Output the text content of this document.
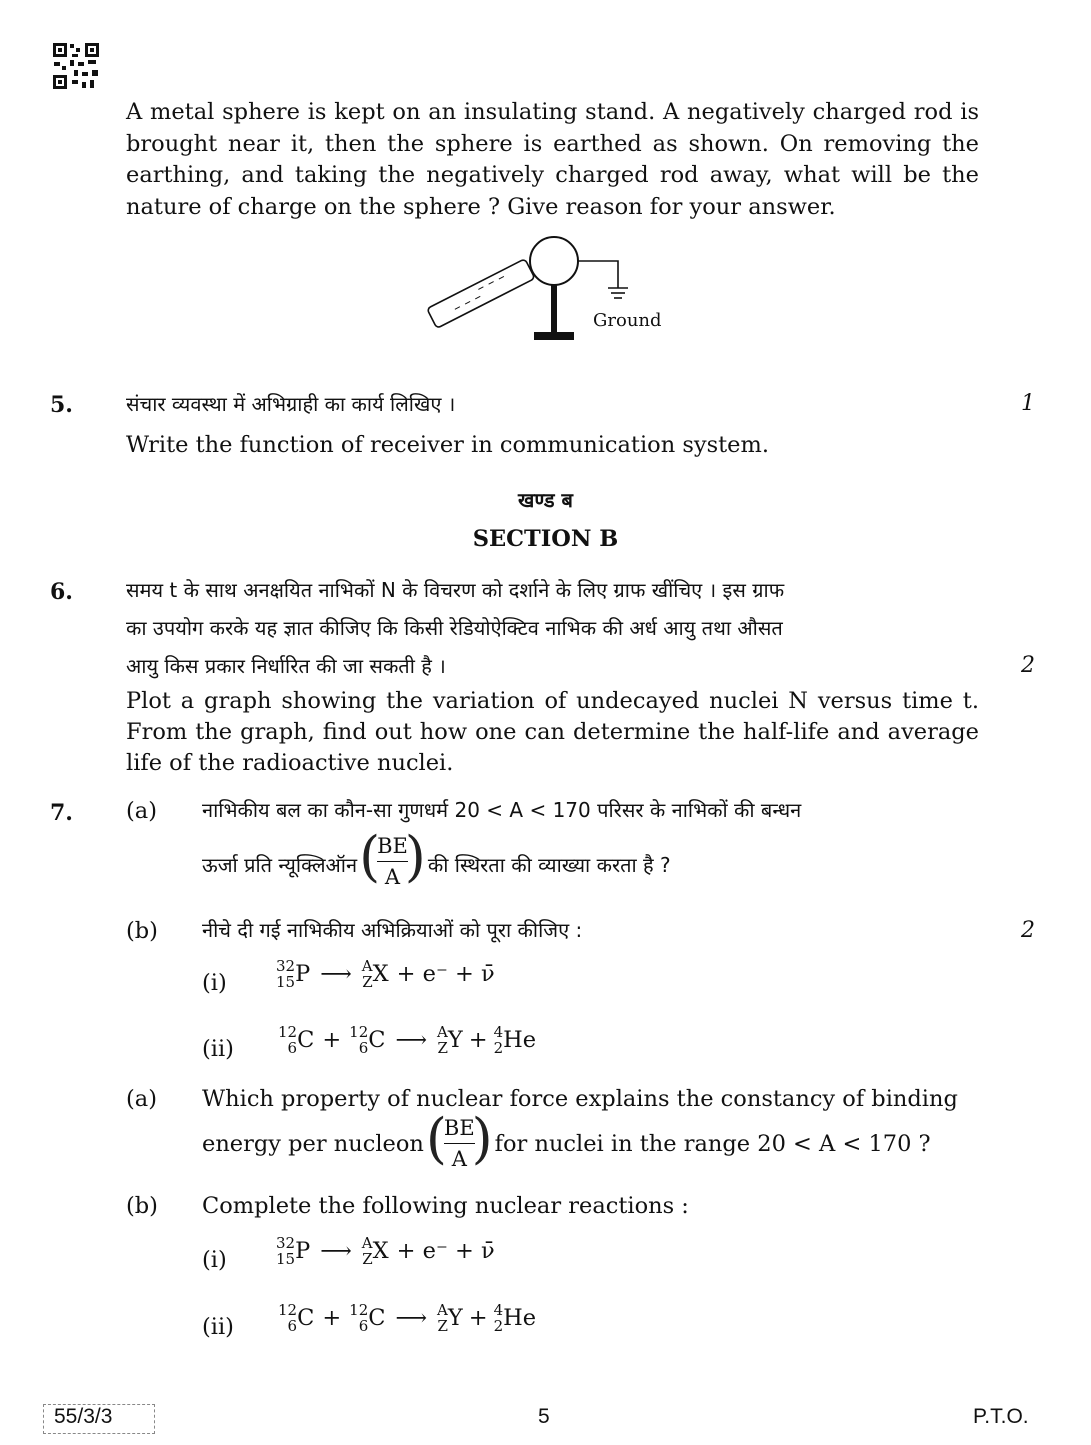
A metal sphere is kept on an insulating stand. A negatively charged rod is brought near it, then the sphere is earthed as shown. On removing the earthing, and taking the negatively charged rod away, what will be the nature of charge on the sphere ? Give reason for your answer.
– – –
– – –
Ground
5.	संचार व्यवस्था में अभिग्राही का कार्य लिखिए ।	1
Write the function of receiver in communication system.
खण्ड ब
SECTION B
6.	समय t के साथ अनक्षयित नाभिकों N के विचरण को दर्शाने के लिए ग्राफ खींचिए । इस ग्राफ
का उपयोग करके यह ज्ञात कीजिए कि किसी रेडियोऐक्टिव नाभिक की अर्ध आयु तथा औसत
आयु किस प्रकार निर्धारित की जा सकती है ।	2
Plot a graph showing the variation of undecayed nuclei N versus time t. From the graph, find out how one can determine the half-life and average life of the radioactive nuclei.
7. (a) नाभिकीय बल का कौन-सा गुणधर्म 20 < A < 170 परिसर के नाभिकों की बन्धन
ऊर्जा प्रति न्यूक्लिऑन (
$\frac{BE}{A}$
) की स्थिरता की व्याख्या करता है ?
(b) नीचे दी गई नाभिकीय अभिक्रियाओं को पूरा कीजिए :	2
(i)
32
15 P ⟶ A
Z X + e⁻ + ν̄
(ii)
12
6 C + 12
6 C ⟶ A
Z Y + 4
2 He
(a) Which property of nuclear force explains the constancy of binding
energy per nucleon (
$\frac{BE}{A}$
) for nuclei in the range 20 < A < 170 ?
(b) Complete the following nuclear reactions :
(i)
32
15 P ⟶ A
Z X + e⁻ + ν̄
(ii)
12
6 C + 12
6 C ⟶ A
Z Y + 4
2 He
55/3/3	5	P.T.O.
